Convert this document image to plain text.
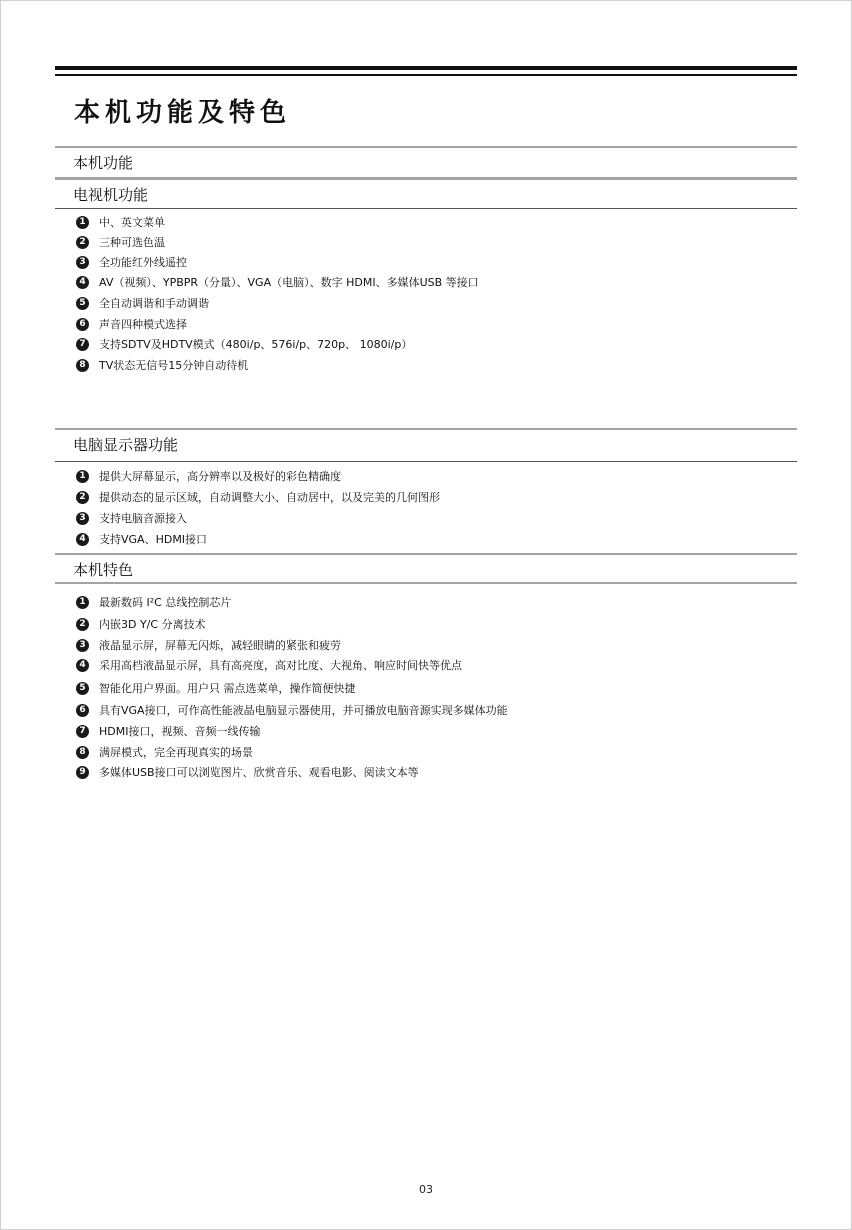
本机功能及特色
本机功能
电视机功能
1	中、英文菜单
2	三种可选色温
3	全功能红外线遥控
4	AV（视频）、YPBPR（分量）、VGA（电脑）、数字 HDMI、多媒体USB 等接口
5	全自动调谐和手动调谐
6	声音四种模式选择
7	支持SDTV及HDTV模式（480i/p、576i/p、720p、 1080i/p）
8	TV状态无信号15分钟自动待机
电脑显示器功能
1	提供大屏幕显示，高分辨率以及极好的彩色精确度
2	提供动态的显示区域，自动调整大小、自动居中，以及完美的几何图形
3	支持电脑音源接入
4	支持VGA、HDMI接口
本机特色
1	最新数码 I²C 总线控制芯片
2	内嵌3D Y/C 分离技术
3	液晶显示屏，屏幕无闪烁，减轻眼睛的紧张和疲劳
4	采用高档液晶显示屏，具有高亮度，高对比度、大视角、响应时间快等优点
5	智能化用户界面。用户只 需点选菜单，操作简便快捷
6	具有VGA接口，可作高性能液晶电脑显示器使用，并可播放电脑音源实现多媒体功能
7	HDMI接口，视频、音频一线传输
8	满屏模式，完全再现真实的场景
9	多媒体USB接口可以浏览图片、欣赏音乐、观看电影、阅读文本等
03
